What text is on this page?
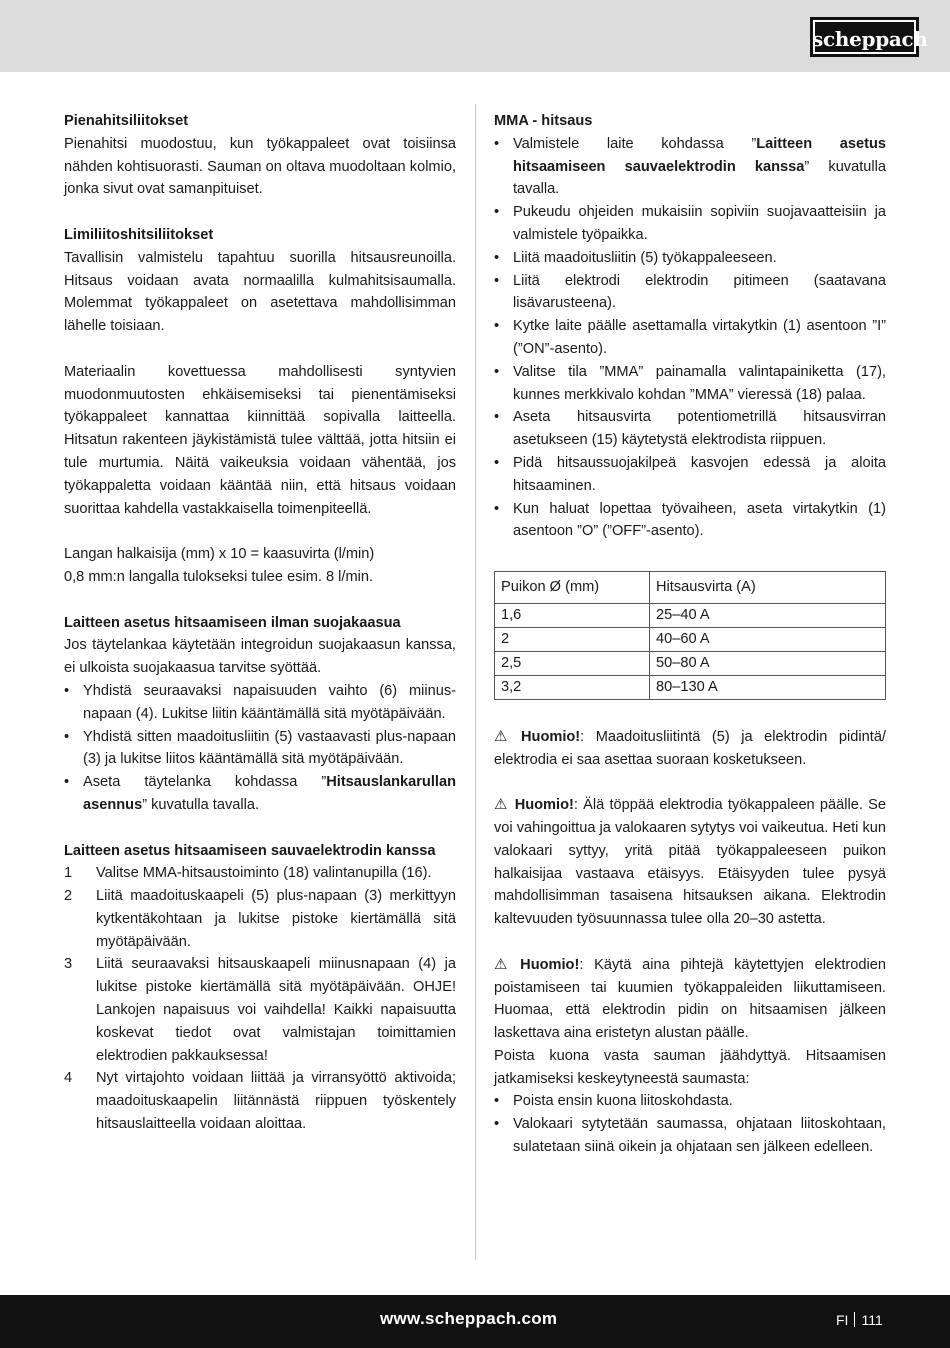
scheppach
Pienahitsiliitokset

Pienahitsi muodostuu, kun työkappaleet ovat toisiinsa nähden kohtisuorasti. Sauman on oltava muodoltaan kolmio, jonka sivut ovat samanpituiset.

Limiliitoshitsiliitokset

Tavallisin valmistelu tapahtuu suorilla hitsausreunoilla. Hitsaus voidaan avata normaalilla kulmahitsisaumalla. Molemmat työkappaleet on asetettava mahdollisimman lähelle toisiaan.

Materiaalin kovettuessa mahdollisesti syntyvien muodonmuutosten ehkäisemiseksi tai pienentämiseksi työkappaleet kannattaa kiinnittää sopivalla laitteella. Hitsatun rakenteen jäykistämistä tulee välttää, jotta hitsiin ei tule murtumia. Näitä vaikeuksia voidaan vähentää, jos työkappaletta voidaan kääntää niin, että hitsaus voidaan suorittaa kahdella vastakkaisella toimenpiteellä.

Langan halkaisija (mm) x 10 = kaasuvirta (l/min)

0,8 mm:n langalla tulokseksi tulee esim. 8 l/min.

Laitteen asetus hitsaamiseen ilman suojakaasua

Jos täytelankaa käytetään integroidun suojakaasun kanssa, ei ulkoista suojakaasua tarvitse syöttää.

• Yhdistä seuraavaksi napaisuuden vaihto (6) miinus-napaan (4). Lukitse liitin kääntämällä sitä myötäpäivään.
• Yhdistä sitten maadoitusliitin (5) vastaavasti plus-napaan (3) ja lukitse liitos kääntämällä sitä myötäpäivään.
• Aseta täytelanka kohdassa ”Hitsauslankarullan asennus” kuvatulla tavalla.
Laitteen asetus hitsaamiseen sauvaelektrodin kanssa
1 Valitse MMA-hitsaustoiminto (18) valintanupilla (16).
2 Liitä maadoituskaapeli (5) plus-napaan (3) merkittyyn kytkentäkohtaan ja lukitse pistoke kiertämällä sitä myötäpäivään.
3 Liitä seuraavaksi hitsauskaapeli miinusnapaan (4) ja lukitse pistoke kiertämällä sitä myötäpäivään. OHJE! Lankojen napaisuus voi vaihdella! Kaikki napaisuutta koskevat tiedot ovat valmistajan toimittamien elektrodien pakkauksessa!
4 Nyt virtajohto voidaan liittää ja virransyöttö aktivoida; maadoituskaapelin liitännästä riippuen työskentely hitsauslaitteella voidaan aloittaa.
MMA - hitsaus
• Valmistele laite kohdassa ”Laitteen asetus hitsaamiseen sauvaelektrodin kanssa” kuvatulla tavalla.
• Pukeudu ohjeiden mukaisiin sopiviin suojavaatteisiin ja valmistele työpaikka.
• Liitä maadoitusliitin (5) työkappaleeseen.
• Liitä elektrodi elektrodin pitimeen (saatavana lisävarusteena).
• Kytke laite päälle asettamalla virtakytkin (1) asentoon ”I” (”ON”-asento).
• Valitse tila ”MMA” painamalla valintapainiketta (17), kunnes merkkivalo kohdan ”MMA” vieressä (18) palaa.
• Aseta hitsausvirta potentiometrillä hitsausvirran asetukseen (15) käytetystä elektrodista riippuen.
• Pidä hitsaussuojakilpeä kasvojen edessä ja aloita hitsaaminen.
• Kun haluat lopettaa työvaiheen, aseta virtakytkin (1) asentoon ”O” (”OFF”-asento).
Puikon Ø (mm)	Hitsausvirta (A)
1,6	25–40 A
2	40–60 A
2,5	50–80 A
3,2	80–130 A

⚠ Huomio!: Maadoitusliitintä (5) ja elektrodin pidintä/ elektrodia ei saa asettaa suoraan kosketukseen.

⚠ Huomio!: Älä töppää elektrodia työkappaleen päälle. Se voi vahingoittua ja valokaaren sytytys voi vaikeutua. Heti kun valokaari syttyy, yritä pitää työkappaleeseen puikon halkaisijaa vastaava etäisyys. Etäisyyden tulee pysyä mahdollisimman tasaisena hitsauksen aikana. Elektrodin kaltevuuden työsuunnassa tulee olla 20–30 astetta.

⚠ Huomio!: Käytä aina pihtejä käytettyjen elektrodien poistamiseen tai kuumien työkappaleiden liikuttamiseen. Huomaa, että elektrodin pidin on hitsaamisen jälkeen laskettava aina eristetyn alustan päälle.

Poista kuona vasta sauman jäähdyttyä. Hitsaamisen jatkamiseksi keskeytyneestä saumasta:

• Poista ensin kuona liitoskohdasta.
• Valokaari sytytetään saumassa, ohjataan liitoskohtaan, sulatetaan siinä oikein ja ohjataan sen jälkeen edelleen.
www.scheppach.com	FI 111
